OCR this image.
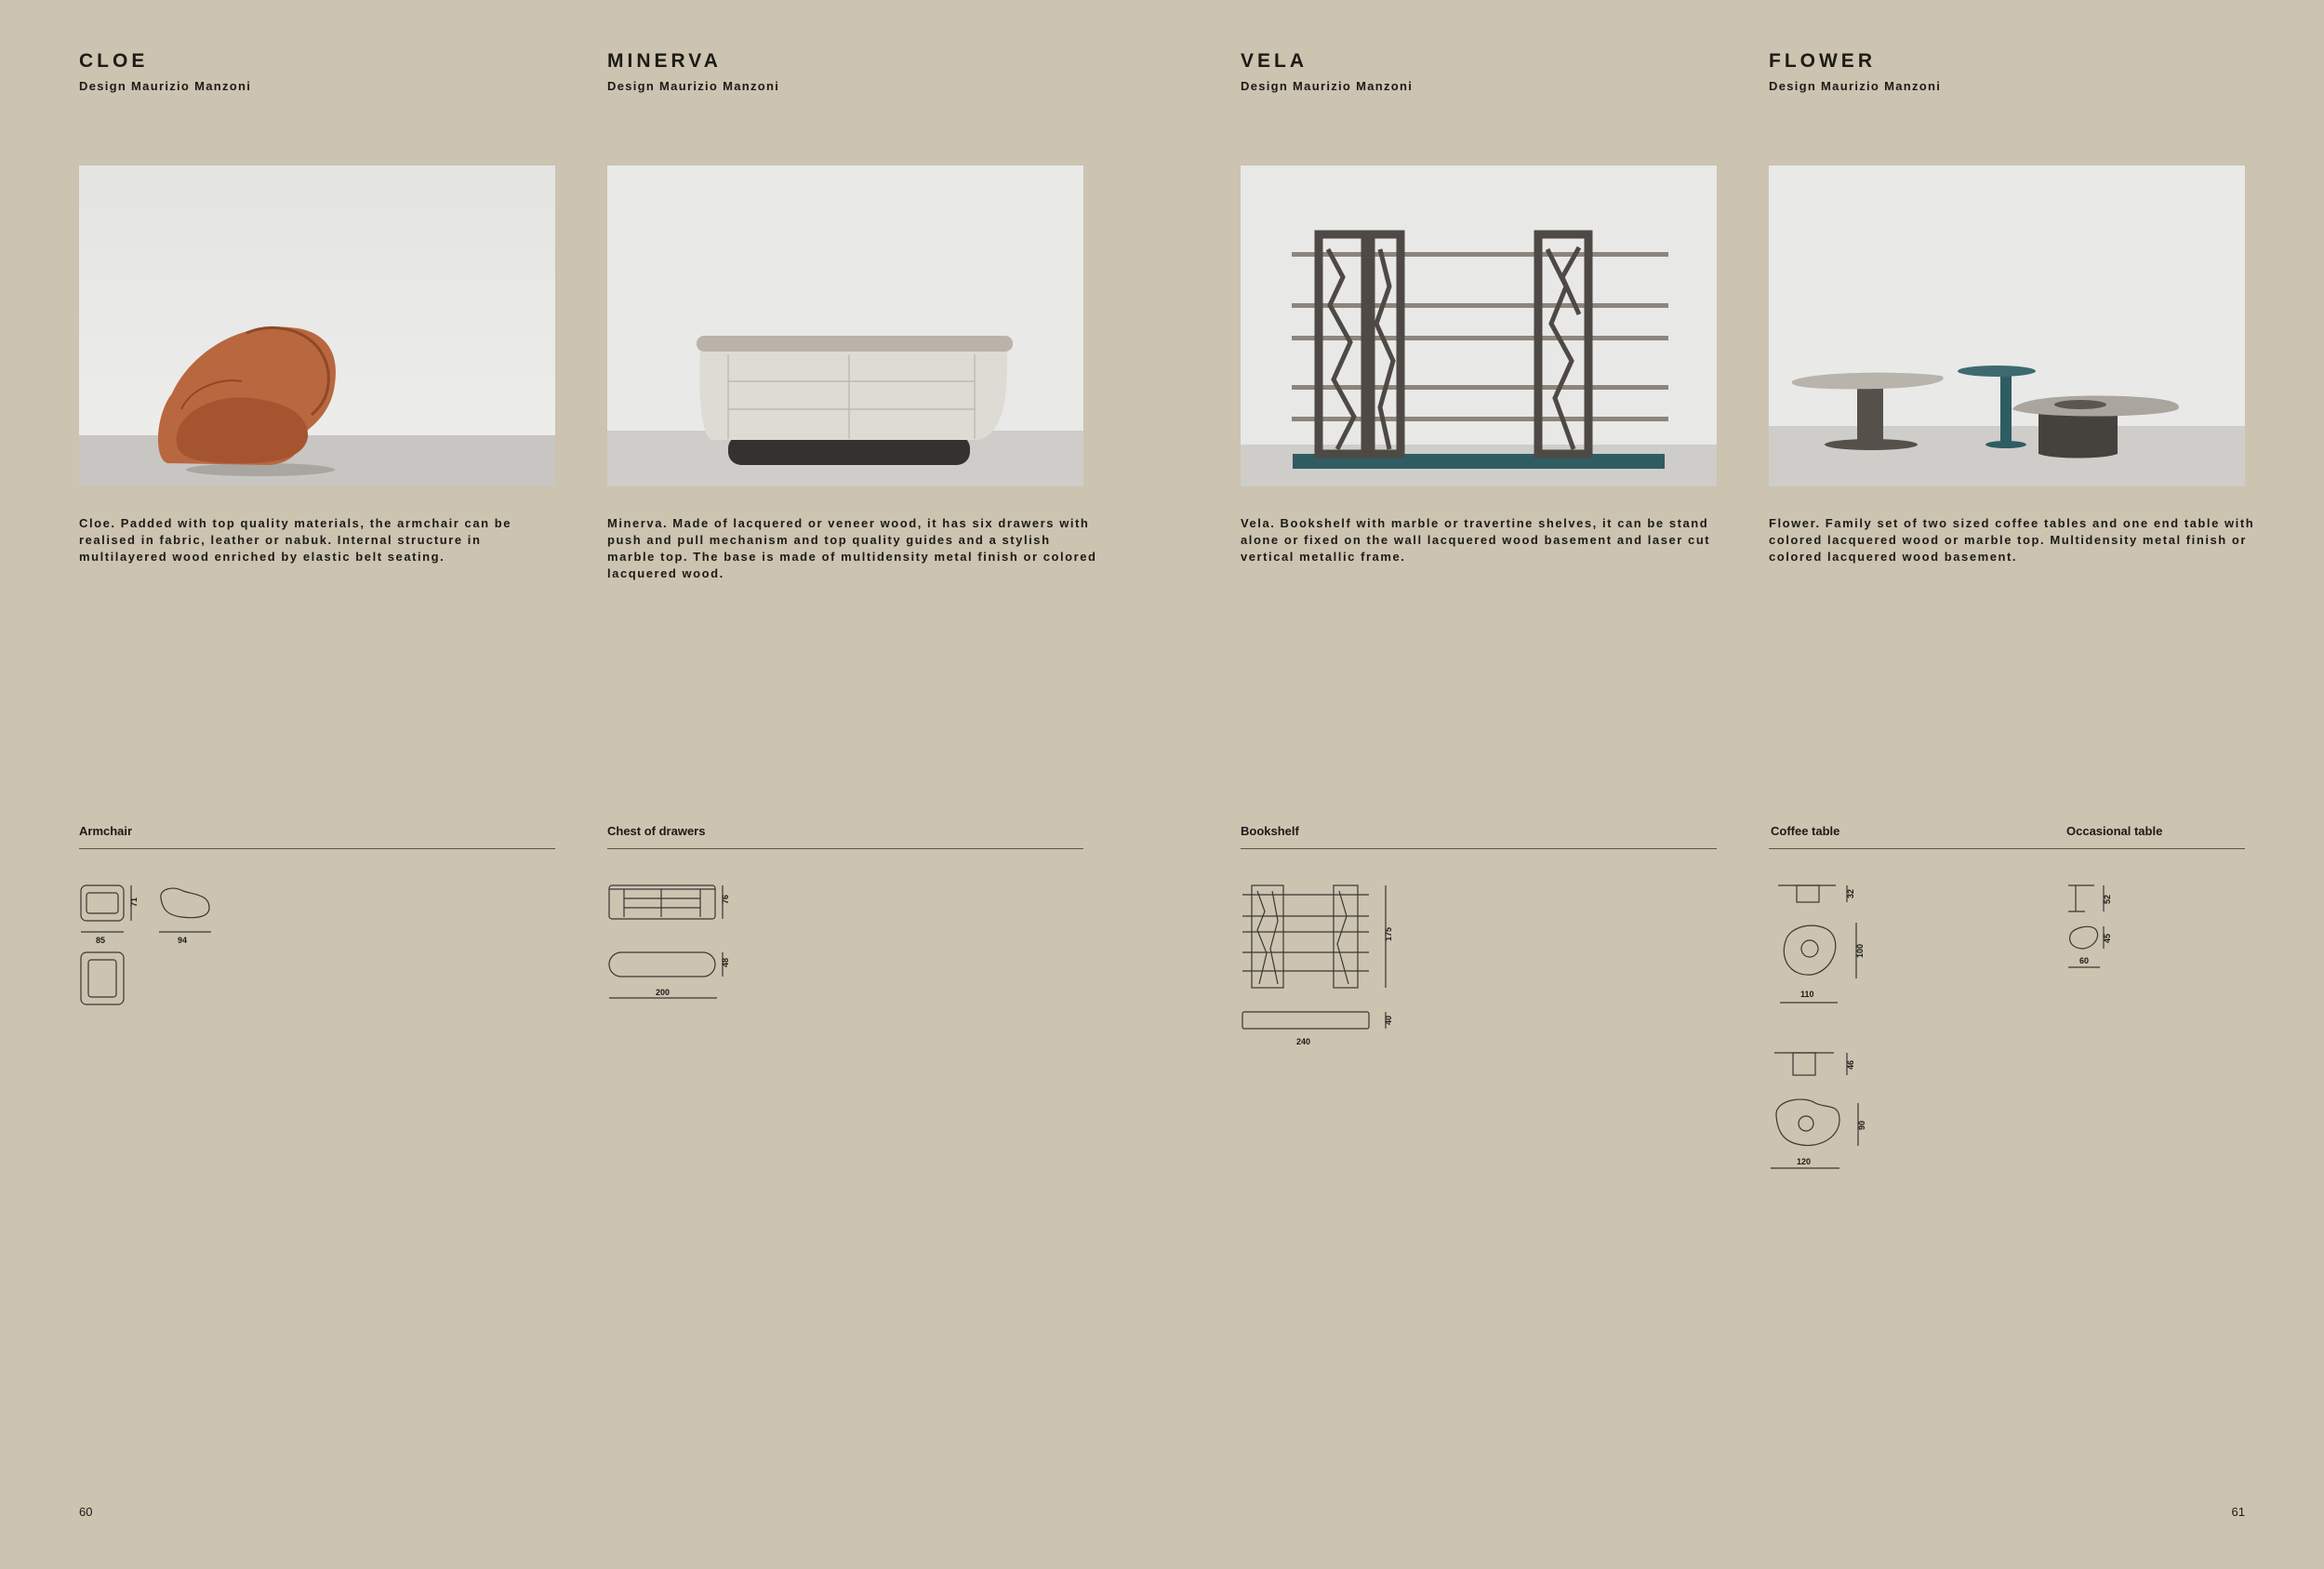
CLOE
Design Maurizio Manzoni

Cloe. Padded with top quality materials, the armchair can be realised in fabric, leather or nabuk. Internal structure in multilayered wood enriched by elastic belt seating.

Armchair
71
85	94
MINERVA
Design Maurizio Manzoni

Minerva. Made of lacquered or veneer wood, it has six drawers with push and pull mechanism and top quality guides and a stylish marble top. The base is made of multidensity metal finish or colored lacquered wood.

Chest of drawers
76
48
200
VELA
Design Maurizio Manzoni

Vela. Bookshelf with marble or travertine shelves, it can be stand alone or fixed on the wall lacquered wood basement and laser cut vertical metallic frame.

Bookshelf
175
40
240
FLOWER
Design Maurizio Manzoni

Flower. Family set of two sized coffee tables and one end table with colored lacquered wood or marble top. Multidensity metal finish or colored lacquered wood basement.

Coffee table	Occasional table
32
100
110
46
90
120
52
45
60
60	61
